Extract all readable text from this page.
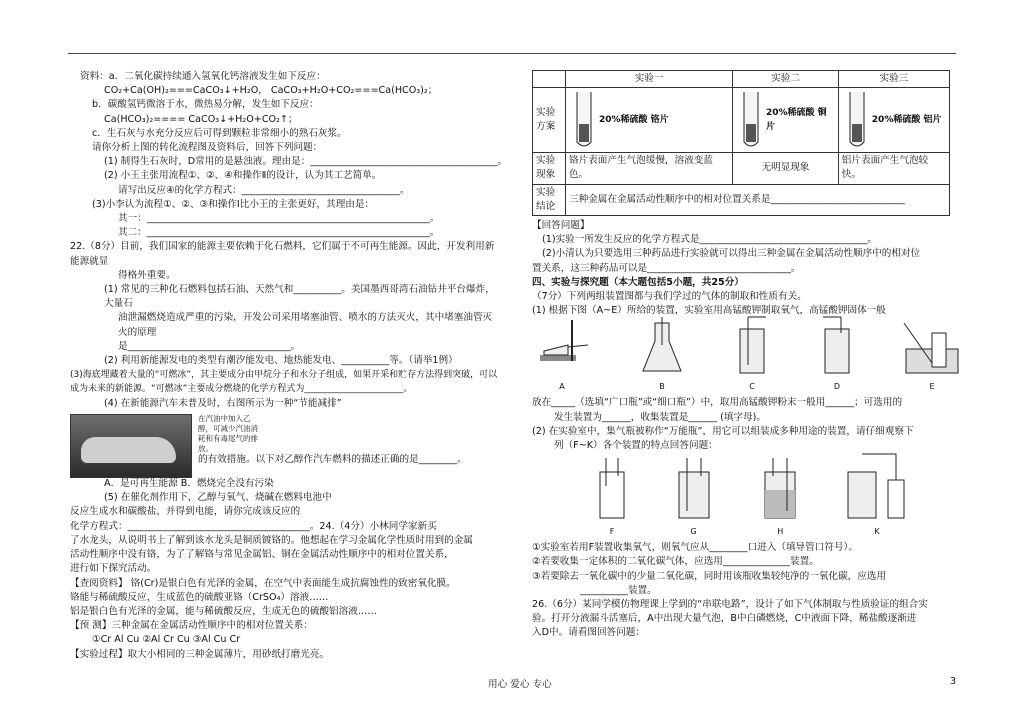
资料：a．二氧化碳持续通入氢氧化钙溶液发生如下反应：

CO₂+Ca(OH)₂===CaCO₃↓+H₂O， CaCO₃+H₂O+CO₂===Ca(HCO₃)₂；

b．碳酸氢钙微溶于水，微热易分解，发生如下反应：

Ca(HCO₃)₂==== CaCO₃↓+H₂O+CO₂↑；

c．生石灰与水充分反应后可得到颗粒非常细小的熟石灰浆。

请你分析上图的转化流程图及资料后，回答下列问题：

(1) 制得生石灰时，D常用的是悬浊液。理由是：_______________________________________。

(2) 小王主张用流程①、②、④和操作Ⅱ的设计，认为其工艺简单。

请写出反应④的化学方程式：_________________________________。

(3)小李认为流程①、②、③和操作Ⅰ比小王的主张更好，其理由是：

其一：___________________________________________________________。

其二：___________________________________________________________。

22.（8分）目前，我们国家的能源主要依赖于化石燃料，它们属于不可再生能源。因此，开发利用新能源就显

得格外重要。

(1) 常见的三种化石燃料包括石油、天然气和__________。美国墨西哥湾石油钻井平台爆炸，大量石

油泄漏燃烧造成严重的污染，开发公司采用堵塞油管、喷水的方法灭火，其中堵塞油管灭火的原理

是__________________________________。

(2) 利用新能源发电的类型有潮汐能发电、地热能发电、__________等。（请举1例）

(3)海底埋藏着大量的“可燃冰”，其主要成分由甲烷分子和水分子组成，如果开采和贮存方法得到突破，可以成为未来的新能源。“可燃冰”主要成分燃烧的化学方程式为______________________。

(4) 在新能源汽车未普及时，右图所示为一种“节能减排”

在汽油中加入乙醇，可减少汽油消耗和有毒尾气的排放。

的有效措施。以下对乙醇作汽车燃料的描述正确的是________。

A．是可再生能源 B．燃烧完全没有污染

(5) 在催化剂作用下，乙醇与氧气、烧碱在燃料电池中

反应生成水和碳酸盐，并得到电能，请你完成该反应的

化学方程式：______________________________________。24.（4分）小林同学家新买

了水龙头，从说明书上了解到该水龙头是铜质镀铬的。他想起在学习金属化学性质时用到的金属

活动性顺序中没有铬，为了了解铬与常见金属铝、铜在金属活动性顺序中的相对位置关系，

进行如下探究活动。

【查阅资料】 铬(Cr)是银白色有光泽的金属，在空气中表面能生成抗腐蚀性的致密氧化膜。

铬能与稀硫酸反应，生成蓝色的硫酸亚铬（CrSO₄）溶液……

铝是银白色有光泽的金属，能与稀硫酸反应，生成无色的硫酸铝溶液……

【预 测】三种金属在金属活动性顺序中的相对位置关系：

①Cr Al Cu ②Al Cr Cu ③Al Cu Cr

【实验过程】取大小相同的三种金属薄片，用砂纸打磨光亮。

	实验一	实验二	实验三
实验方案	20%稀硫酸 铬片	20%稀硫酸 铜片	20%稀硫酸 铝片

实验现象	铬片表面产生气泡缓慢，溶液变蓝色。	无明显现象	铝片表面产生气泡较快。
实验结论	三种金属在金属活动性顺序中的相对位置关系是____________________________		

【回答问题】

(1)实验一所发生反应的化学方程式是___________________________________。

(2)小清认为只要选用三种药品进行实验就可以得出三种金属在金属活动性顺序中的相对位

置关系，这三种药品可以是______________________________。

四、实验与探究题（本大题包括5小题，共25分）

（7分）下列两组装置图都与我们学过的气体的制取和性质有关。

(1) 根据下图（A~E）所给的装置，实验室用高锰酸钾制取氧气，高锰酸钾固体一般

A	B	C	D	E

放在_____（选填“广口瓶”或“细口瓶”）中，取用高锰酸钾粉末一般用______；可选用的

发生装置为______，收集装置是______ (填字母)。

(2) 在实验室中，集气瓶被称作“万能瓶”，用它可以组装成多种用途的装置，请仔细观察下

列（F~K）各个装置的特点回答问题：

F	G	H	K

①实验室若用F装置收集氧气，则氧气应从________口进入（填导管口符号）。

②若要收集一定体积的二氧化碳气体，应选用______________装置。

③若要除去一氧化碳中的少量二氧化碳，同时用该瓶收集较纯净的一氧化碳，应选用

__________装置。

26.（6分）某同学模仿物理课上学到的“串联电路”，设计了如下气体制取与性质验证的组合实

验。打开分液漏斗活塞后，A中出现大量气泡，B中白磷燃烧，C中液面下降，稀盐酸逐渐进

入D中。请看图回答问题：

用心 爱心 专心	3
